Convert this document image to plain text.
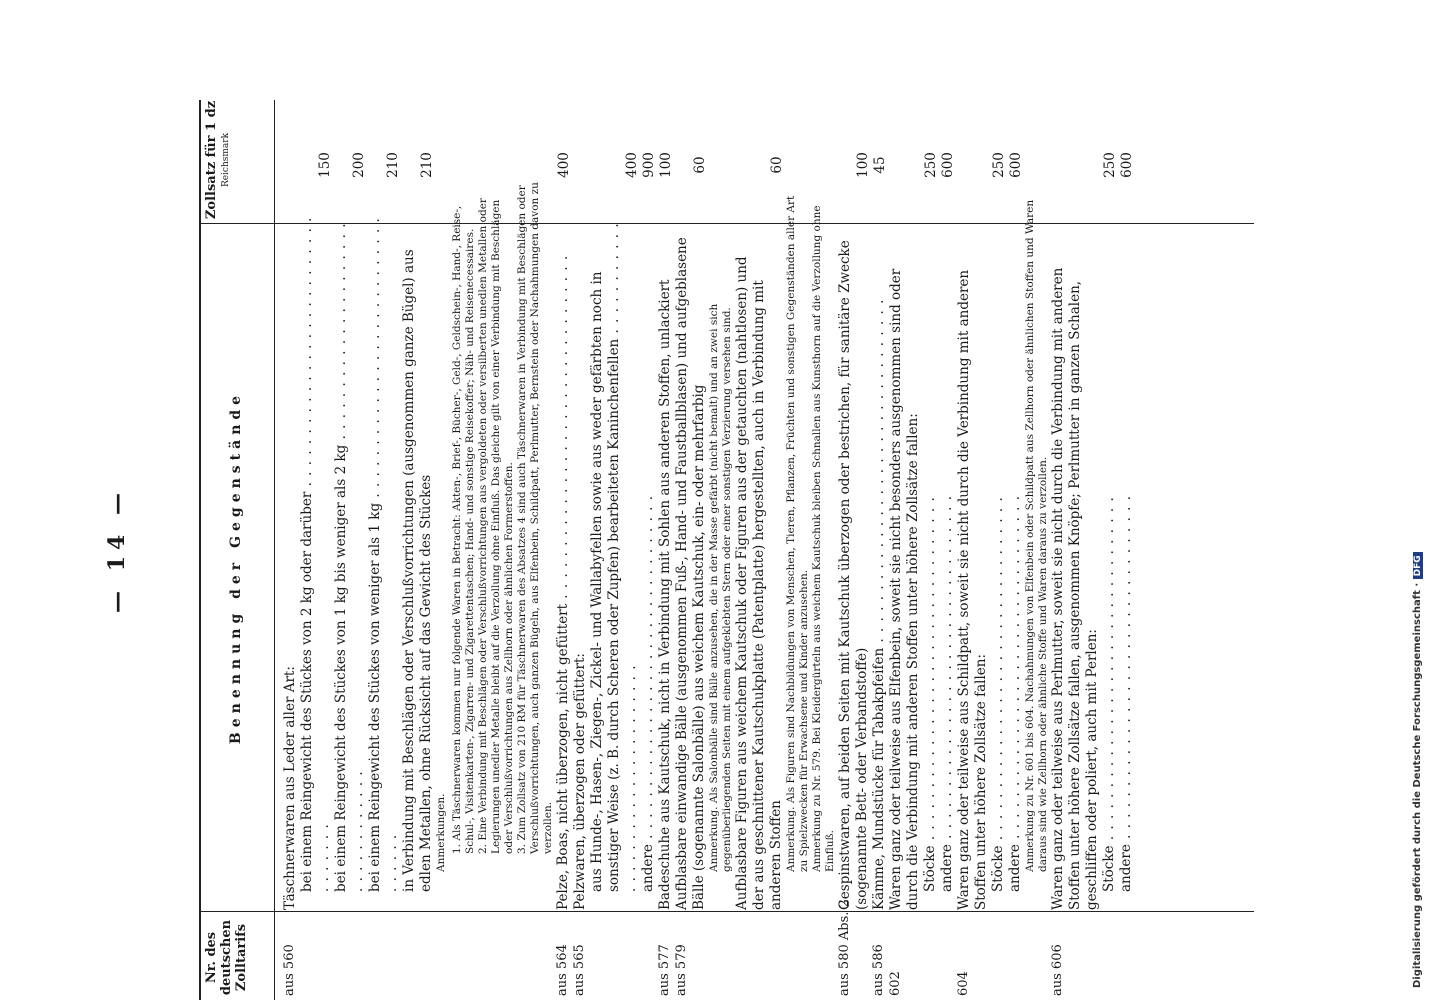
Digitalisierung gefördert durch die Deutsche Forschungsgemeinschaft · DFG
— 14 —
Nr. des deutschen Zolltarifs
Benennung der Gegenstände
Zollsatz für 1 dz Reichsmark
aus 560
Täschnerwaren aus Leder aller Art: bei einem Reingewicht des Stückes von 2 kg oder darüber . . .
150
bei einem Reingewicht des Stückes von 1 kg bis weniger als 2 kg . . .
200
bei einem Reingewicht des Stückes von weniger als 1 kg . . .
210
in Verbindung mit Beschlägen oder Verschlußvorrichtungen (ausgenommen ganze Bügel) aus edlen Metallen, ohne Rücksicht auf das Gewicht des Stückes
210
Anmerkungen. 1. Als Täschnerwaren kommen nur folgende Waren in Betracht: Akten-, Brief-, Bücher-, Geld-, Geldschein-, Hand-, Reise-, Schul-, Visitenkarten-, Zigarren- und Zigarettentaschen; Hand- und sonstige Reisekoffer; Näh- und Reisenecessaires. 2. Eine Verbindung mit Beschlägen oder Verschlußvorrichtungen aus vergoldeten oder versilberten unedlen Metallen oder Legierungen unedler Metalle bleibt auf die Verzollung ohne Einfluß. Das gleiche gilt von einer Verbindung mit Beschlägen oder Verschlußvorrichtungen aus Zellhorn oder ähnlichen Formerstoffen. 3. Zum Zollsatz von 210 RM für Täschnerwaren des Absatzes 4 sind auch Täschnerwaren in Verbindung mit Beschlägen oder Verschlußvorrichtungen, auch ganzen Bügeln, aus Elfenbein, Schildpatt, Perlmutter, Bernstein oder Nachahmungen davon zu verzollen.
aus 564
Pelze, Boas, nicht überzogen, nicht gefüttert . . .
400
aus 565
Pelzwaren, überzogen oder gefüttert: aus Hunde-, Hasen-, Ziegen-, Zickel- und Wallabyfellen sowie aus weder gefärbten noch in sonstiger Weise (z. B. durch Scheren oder Zupfen) bearbeiteten Kaninchenfellen . . .
400
andere . . .
900
aus 577
Badeschuhe aus Kautschuk, nicht in Verbindung mit Sohlen aus anderen Stoffen, unlackiert
100
aus 579
Aufblasbare einwandige Bälle (ausgenommen Fuß-, Hand- und Faustballblasen) und aufgeblasene Bälle (sogenannte Salonbälle) aus weichem Kautschuk, ein- oder mehrfarbig
60
Anmerkung. Als Salonbälle sind Bälle anzusehen, die in der Masse gefärbt (nicht bemalt) und an zwei sich gegenüberliegenden Seiten mit einem aufgeklebten Stern oder einer sonstigen Verzierung versehen sind. Aufblasbare Figuren aus weichem Kautschuk oder Figuren aus der getauchten (nahtlosen) und der aus geschnittener Kautschukplatte (Patentplatte) hergestellten, auch in Verbindung mit anderen Stoffen
60
Anmerkung. Als Figuren sind Nachbildungen von Menschen, Tieren, Pflanzen, Früchten und sonstigen Gegenständen aller Art zu Spielzwecken für Erwachsene und Kinder anzusehen. Anmerkung zu Nr. 579. Bei Kleidergürteln aus weichem Kautschuk bleiben Schnallen aus Kunsthorn auf die Verzollung ohne Einfluß.
aus 580 Abs. 2
Gespinstwaren, auf beiden Seiten mit Kautschuk überzogen oder bestrichen, für sanitäre Zwecke (sogenannte Bett- oder Verbandstoffe)
100
aus 586
Kämme, Mundstücke für Tabakpfeifen . . .
45
602
Waren ganz oder teilweise aus Elfenbein, soweit sie nicht besonders ausgenommen sind oder durch die Verbindung mit anderen Stoffen unter höhere Zollsätze fallen: Stöcke . . .
250
andere . . .
600
604
Waren ganz oder teilweise aus Schildpatt, soweit sie nicht durch die Verbindung mit anderen Stoffen unter höhere Zollsätze fallen: Stöcke . . .
250
andere . . .
600
Anmerkung zu Nr. 601 bis 604. Nachahmungen von Elfenbein oder Schildpatt aus Zellhorn oder ähnlichen Stoffen und Waren daraus sind wie Zellhorn oder ähnliche Stoffe und Waren daraus zu verzollen.
aus 606
Waren ganz oder teilweise aus Perlmutter, soweit sie nicht durch die Verbindung mit anderen Stoffen unter höhere Zollsätze fallen, ausgenommen Knöpfe; Perlmutter in ganzen Schalen, geschliffen oder poliert, auch mit Perlen: Stöcke . . .
250
andere . . .
600
